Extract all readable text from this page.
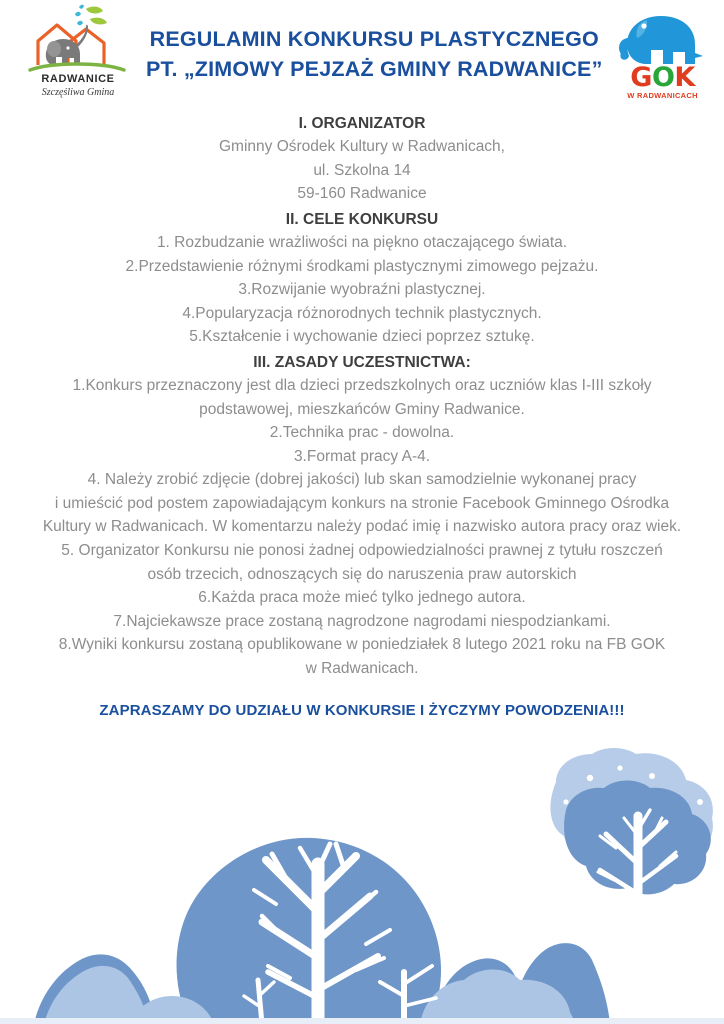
RADWANICE
Szczęśliwa Gmina
REGULAMIN KONKURSU PLASTYCZNEGO
PT. „ZIMOWY PEJZAŻ GMINY RADWANICE”	GOK
W RADWANICACH
I. ORGANIZATOR
Gminny Ośrodek Kultury w Radwanicach,
ul. Szkolna 14
59-160 Radwanice
II. CELE KONKURSU
1. Rozbudzanie wrażliwości na piękno otaczającego świata.
2.Przedstawienie różnymi środkami plastycznymi zimowego pejzażu.
3.Rozwijanie wyobraźni plastycznej.
4.Popularyzacja różnorodnych technik plastycznych.
5.Kształcenie i wychowanie dzieci poprzez sztukę.
III. ZASADY UCZESTNICTWA:
1.Konkurs przeznaczony jest dla dzieci przedszkolnych oraz uczniów klas I-III szkoły
podstawowej, mieszkańców Gminy Radwanice.
2.Technika prac - dowolna.
3.Format pracy A-4.
4. Należy zrobić zdjęcie (dobrej jakości) lub skan samodzielnie wykonanej pracy
i umieścić pod postem zapowiadającym konkurs na stronie Facebook Gminnego Ośrodka
Kultury w Radwanicach. W komentarzu należy podać imię i nazwisko autora pracy oraz wiek.
5. Organizator Konkursu nie ponosi żadnej odpowiedzialności prawnej z tytułu roszczeń
osób trzecich, odnoszących się do naruszenia praw autorskich
6.Każda praca może mieć tylko jednego autora.
7.Najciekawsze prace zostaną nagrodzone nagrodami niespodziankami.
8.Wyniki konkursu zostaną opublikowane w poniedziałek 8 lutego 2021 roku na FB GOK
w Radwanicach.
ZAPRASZAMY DO UDZIAŁU W KONKURSIE I ŻYCZYMY POWODZENIA!!!
